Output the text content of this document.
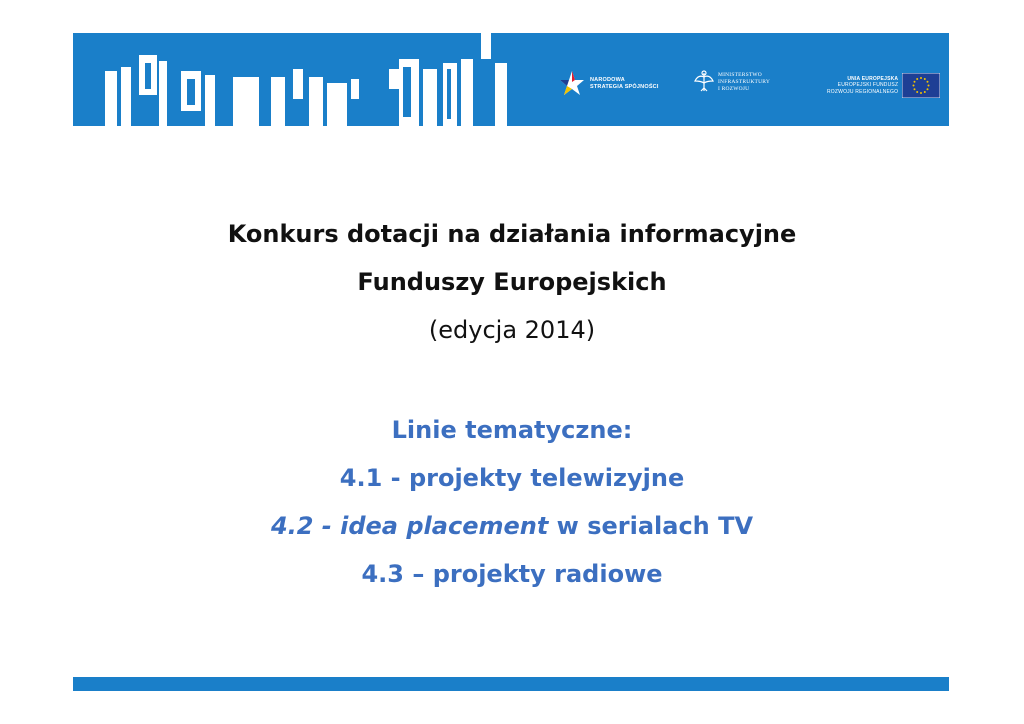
NARODOWA
STRATEGIA SPÓJNOŚCI
MINISTERSTWO
INFRASTRUKTURY
I ROZWOJU
UNIA EUROPEJSKA
EUROPEJSKI FUNDUSZ
ROZWOJU REGIONALNEGO
Konkurs dotacji na działania informacyjne
Funduszy Europejskich
(edycja 2014)
Linie tematyczne:
4.1 - projekty telewizyjne
4.2 - idea placement w serialach TV
4.3 – projekty radiowe
